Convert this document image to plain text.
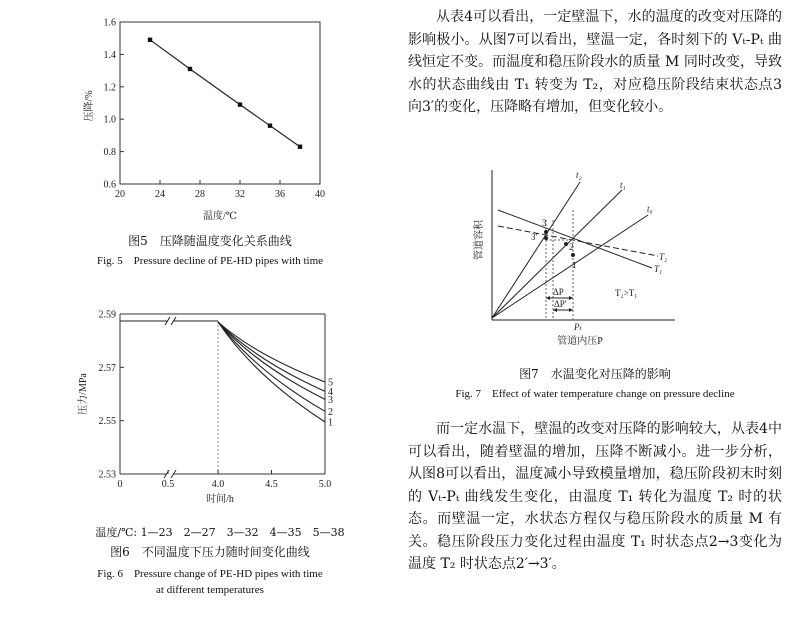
20	24	28	32	36	40
0.6
0.8
1.0
1.2
1.4
1.6
压降/%
温度/℃
图5　压降随温度变化关系曲线
Fig. 5　Pressure decline of PE-HD pipes with time
0	0.5	4.0	4.5	5.0
2.53
2.55
2.57
2.59
1
2
3
4
5
压力/MPa
时间/h
温度/℃: 1—23　2—27　3—32　4—35　5—38
图6　不同温度下压力随时间变化曲线
Fig. 6　Pressure change of PE-HD pipes with time
at different temperatures

从表4可以看出，一定壁温下，水的温度的改变对压降的影响极小。从图7可以看出，壁温一定，各时刻下的 Vₜ-Pₜ 曲线恒定不变。而温度和稳压阶段水的质量 M 同时改变，导致水的状态曲线由 T₁ 转变为 T₂，对应稳压阶段结束状态点3向3′的变化，压降略有增加，但变化较小。

t₂
t₁
t₀
T₂
T₁
Pₜ
3
3′
2
1
ΔP
ΔP′
T₂>T₁
管道容积
管道内压P
图7　水温变化对压降的影响
Fig. 7　Effect of water temperature change on pressure decline

而一定水温下，壁温的改变对压降的影响较大，从表4中可以看出，随着壁温的增加，压降不断减小。进一步分析，从图8可以看出，温度减小导致模量增加，稳压阶段初末时刻的 Vₜ-Pₜ 曲线发生变化，由温度 T₁ 转化为温度 T₂ 时的状态。而壁温一定，水状态方程仅与稳压阶段水的质量 M 有关。稳压阶段压力变化过程由温度 T₁ 时状态点2→3变化为温度 T₂ 时状态点2′→3′。
